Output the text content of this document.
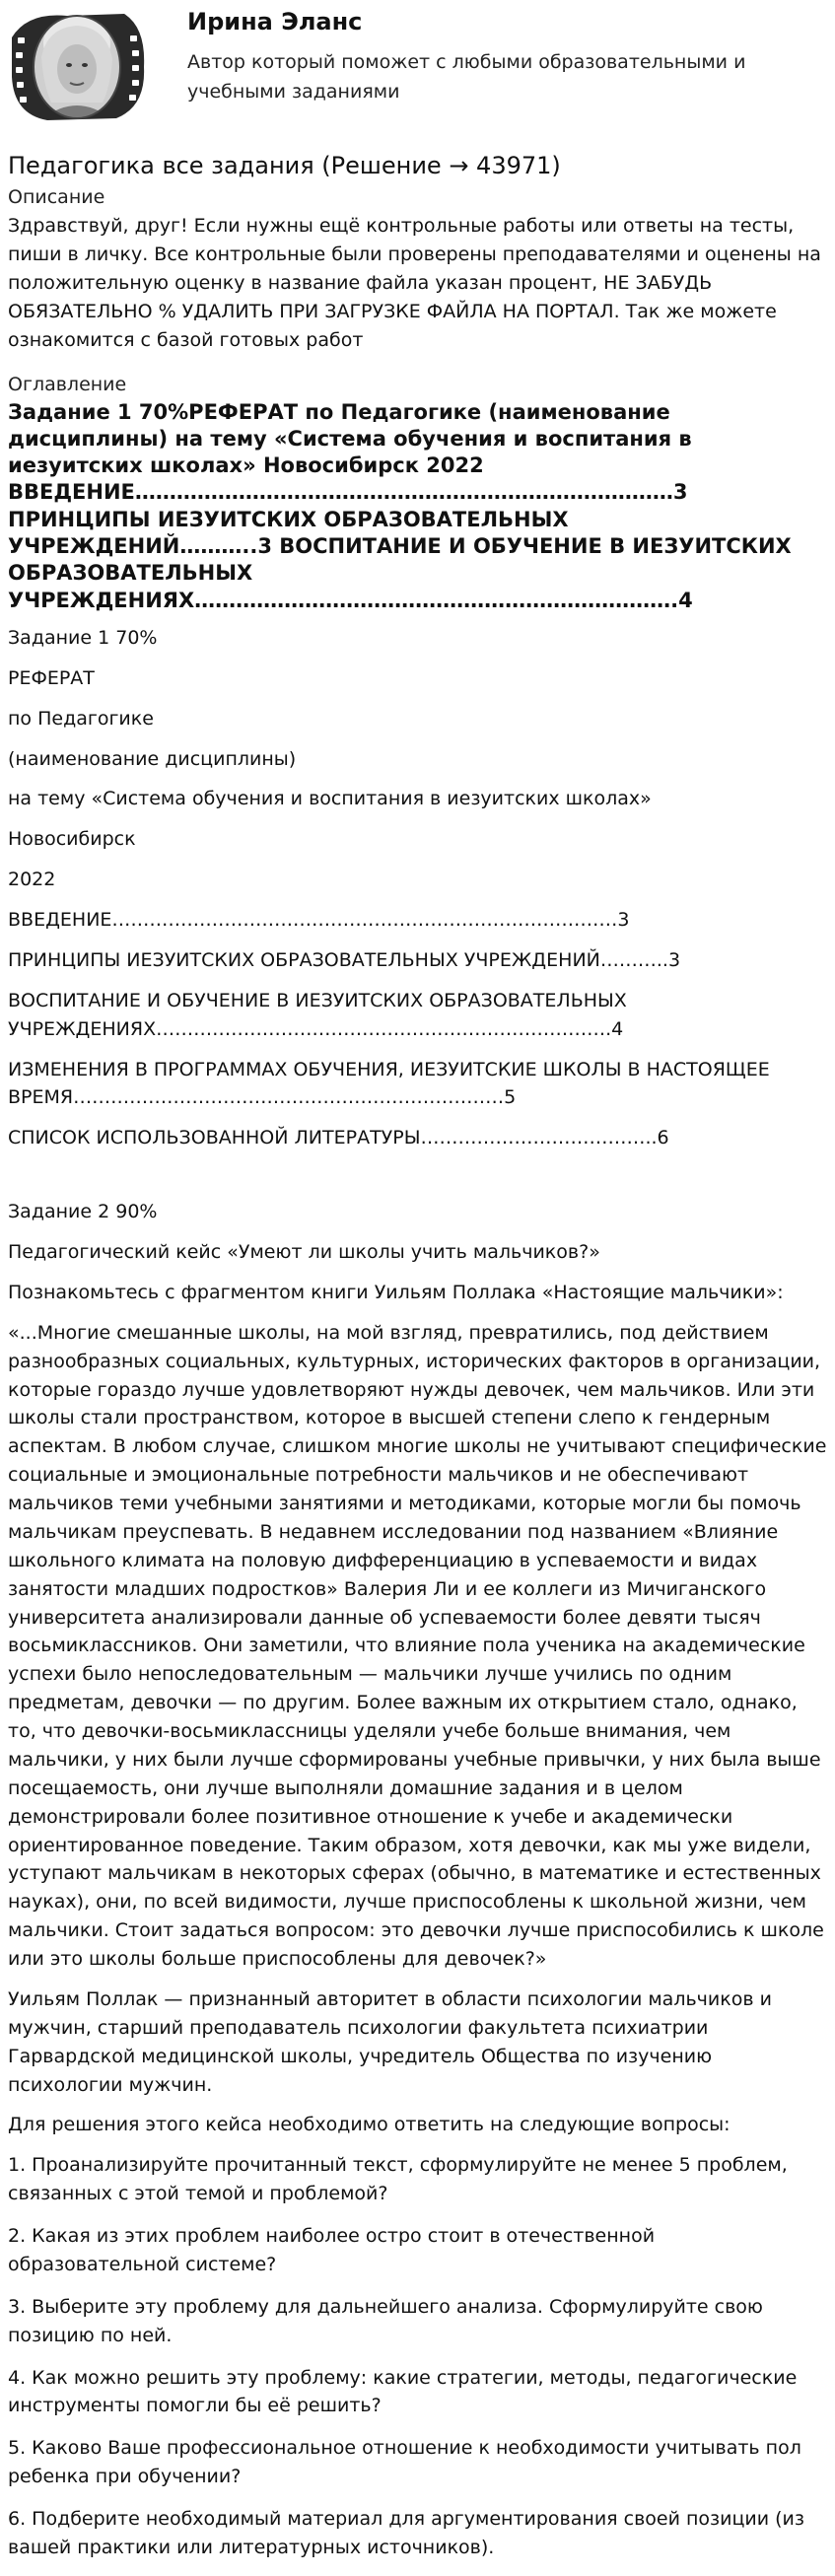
Ирина Эланс
Автор который поможет с любыми образовательными и учебными заданиями
Педагогика все задания (Решение → 43971)
Описание
Здравствуй, друг! Если нужны ещё контрольные работы или ответы на тесты, пиши в личку. Все контрольные были проверены преподавателями и оценены на положительную оценку в название файла указан процент, НЕ ЗАБУДЬ ОБЯЗАТЕЛЬНО % УДАЛИТЬ ПРИ ЗАГРУЗКЕ ФАЙЛА НА ПОРТАЛ. Так же можете ознакомится с базой готовых работ
Оглавление
Задание 1 70%РЕФЕРАТ по Педагогике (наименование дисциплины) на тему «Система обучения и воспитания в иезуитских школах» Новосибирск 2022 ВВЕДЕНИЕ……………………………………………………………………3 ПРИНЦИПЫ ИЕЗУИТСКИХ ОБРАЗОВАТЕЛЬНЫХ УЧРЕЖДЕНИЙ………..3 ВОСПИТАНИЕ И ОБУЧЕНИЕ В ИЕЗУИТСКИХ ОБРАЗОВАТЕЛЬНЫХ УЧРЕЖДЕНИЯХ…………………………………………………………….4

Задание 1 70%

РЕФЕРАТ

по Педагогике

(наименование дисциплины)

на тему «Система обучения и воспитания в иезуитских школах»

Новосибирск

2022

ВВЕДЕНИЕ………………………………………………………………………3

ПРИНЦИПЫ ИЕЗУИТСКИХ ОБРАЗОВАТЕЛЬНЫХ УЧРЕЖДЕНИЙ………..3

ВОСПИТАНИЕ И ОБУЧЕНИЕ В ИЕЗУИТСКИХ ОБРАЗОВАТЕЛЬНЫХ УЧРЕЖДЕНИЯХ……………………………………………………………….4

ИЗМЕНЕНИЯ В ПРОГРАММАХ ОБУЧЕНИЯ, ИЕЗУИТСКИЕ ШКОЛЫ В НАСТОЯЩЕЕ ВРЕМЯ……………………………………………………………5

СПИСОК ИСПОЛЬЗОВАННОЙ ЛИТЕРАТУРЫ………………………………..6

Задание 2 90%

Педагогический кейс «Умеют ли школы учить мальчиков?»

Познакомьтесь с фрагментом книги Уильям Поллака «Настоящие мальчики»:

«...Многие смешанные школы, на мой взгляд, превратились, под действием разнообразных социальных, культурных, исторических факторов в организации, которые гораздо лучше удовлетворяют нужды девочек, чем мальчиков. Или эти школы стали пространством, которое в высшей степени слепо к гендерным аспектам. В любом случае, слишком многие школы не учитывают специфические социальные и эмоциональные потребности мальчиков и не обеспечивают мальчиков теми учебными занятиями и методиками, которые могли бы помочь мальчикам преуспевать. В недавнем исследовании под названием «Влияние школьного климата на половую дифференциацию в успеваемости и видах занятости младших подростков» Валерия Ли и ее коллеги из Мичиганского университета анализировали данные об успеваемости более девяти тысяч восьмиклассников. Они заметили, что влияние пола ученика на академические успехи было непоследовательным — мальчики лучше учились по одним предметам, девочки — по другим. Более важным их открытием стало, однако, то, что девочки-восьмиклассницы уделяли учебе больше внимания, чем мальчики, у них были лучше сформированы учебные привычки, у них была выше посещаемость, они лучше выполняли домашние задания и в целом демонстрировали более позитивное отношение к учебе и академически ориентированное поведение. Таким образом, хотя девочки, как мы уже видели, уступают мальчикам в некоторых сферах (обычно, в математике и естественных науках), они, по всей видимости, лучше приспособлены к школьной жизни, чем мальчики. Стоит задаться вопросом: это девочки лучше приспособились к школе или это школы больше приспособлены для девочек?»

Уильям Поллак — признанный авторитет в области психологии мальчиков и мужчин, старший преподаватель психологии факультета психиатрии Гарвардской медицинской школы, учредитель Общества по изучению психологии мужчин.

Для решения этого кейса необходимо ответить на следующие вопросы:

1. Проанализируйте прочитанный текст, сформулируйте не менее 5 проблем, связанных с этой темой и проблемой?

2. Какая из этих проблем наиболее остро стоит в отечественной образовательной системе?

3. Выберите эту проблему для дальнейшего анализа. Сформулируйте свою позицию по ней.

4. Как можно решить эту проблему: какие стратегии, методы, педагогические инструменты помогли бы её решить?

5. Каково Ваше профессиональное отношение к необходимости учитывать пол ребенка при обучении?

6. Подберите необходимый материал для аргументирования своей позиции (из вашей практики или литературных источников).
